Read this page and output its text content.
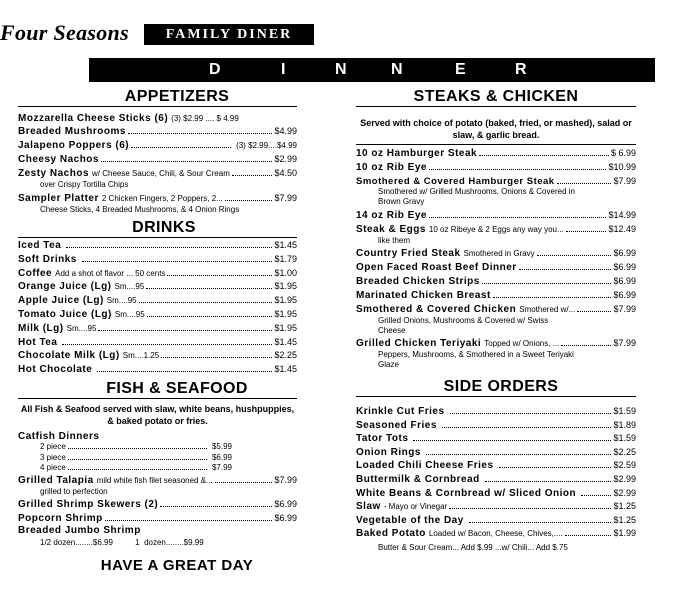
Four Seasons	FAMILY DINER
D	I	N	N	E	R
APPETIZERS
Mozzarella Cheese Sticks (6) (3) $2.99 .... $ 4.99
Breaded Mushrooms	$4.99
Jalapeno Poppers (6)	(3) $2.99....$4.99
Cheesy Nachos	$2.99
Zesty Nachos w/ Cheese Sauce, Chili, & Sour Cream	$4.50
over Crispy Tortilla Chips
Sampler Platter 2 Chicken Fingers, 2 Poppers, 2...	$7.99
Cheese Sticks, 4 Breaded Mushrooms, & 4 Onion Rings
DRINKS
Iced Tea	$1.45
Soft Drinks	$1.79
Coffee Add a shot of flavor ... 50 cents	$1.00
Orange Juice (Lg) Sm....95	$1.95
Apple Juice (Lg) Sm....95	$1.95
Tomato Juice (Lg) Sm....95	$1.95
Milk (Lg) Sm....95	$1.95
Hot Tea	$1.45
Chocolate Milk (Lg) Sm....1.25	$2.25
Hot Chocolate	$1.45
FISH & SEAFOOD
All Fish & Seafood served with slaw, white beans, hushpuppies, & baked potato or fries.
Catfish Dinners
2 piece	$5.99
3 piece	$6.99
4 piece	$7.99
Grilled Talapia mild white fish filet seasoned &...	$7.99
grilled to perfection
Grilled Shrimp Skewers (2)	$6.99
Popcorn Shrimp	$6.99
Breaded Jumbo Shrimp
1/2 dozen........$6.99          1  dozen........$9.99
HAVE A GREAT DAY
STEAKS & CHICKEN
Served with choice of potato (baked, fried, or mashed), salad or slaw, & garlic bread.
10 oz Hamburger Steak	$ 6.99
10 oz Rib Eye	$10.99
Smothered & Covered Hamburger Steak	$7.99
Smothered w/ Grilled Mushrooms, Onions & Covered in
Brown Gravy
14 oz Rib Eye	$14.99
Steak & Eggs 10 oz Ribeye & 2 Eggs any way you...	$12.49
like them
Country Fried Steak Smothered in Gravy	$6.99
Open Faced Roast Beef Dinner	$6.99
Breaded Chicken Strips	$6.99
Marinated Chicken Breast	$6.99
Smothered & Covered Chicken Smothered w/...	$7.99
Grilled Onions, Mushrooms & Covered w/ Swiss
Cheese
Grilled Chicken Teriyaki Topped w/ Onions, ...	$7.99
Peppers, Mushrooms, & Smothered in a Sweet Teriyaki
Glaze
SIDE ORDERS
Krinkle Cut Fries	$1.59
Seasoned Fries	$1.89
Tator Tots	$1.59
Onion Rings	$2.25
Loaded Chili Cheese Fries	$2.59
Buttermilk & Cornbread	$2.99
White Beans & Cornbread w/ Sliced Onion	$2.99
Slaw - Mayo or Vinegar	$1.25
Vegetable of the Day	$1.25
Baked Potato Loaded w/ Bacon, Cheese, Chives,....	$1.99
Butter & Sour Cream... Add $.99 ...w/ Chili... Add $.75
